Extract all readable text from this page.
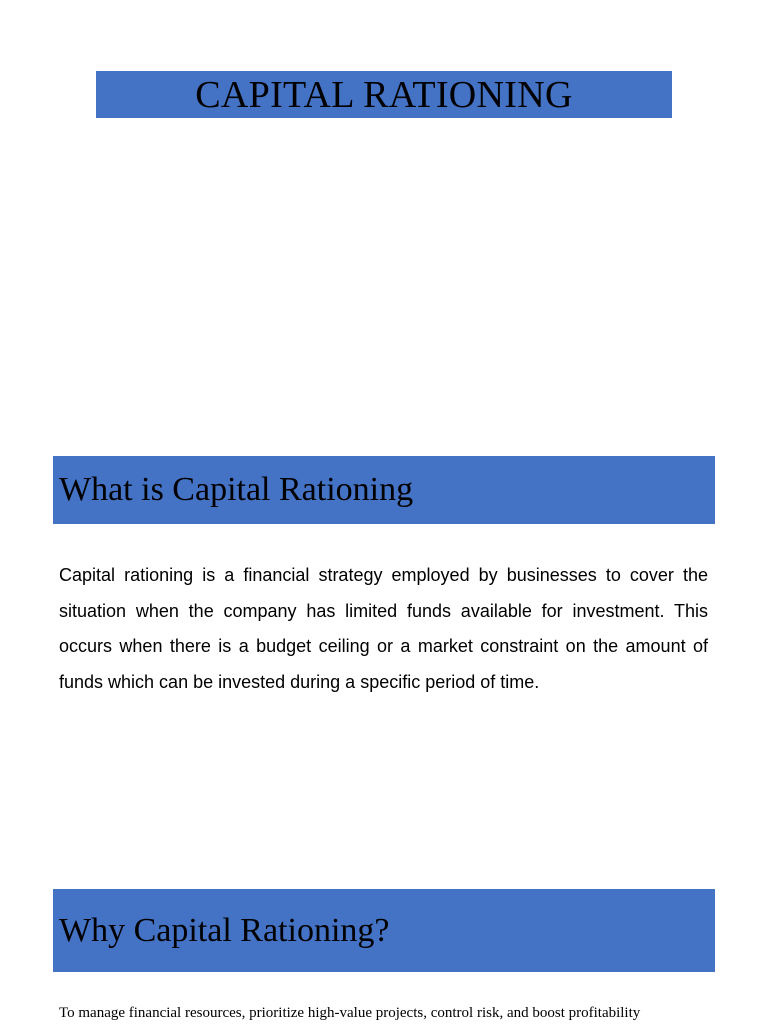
CAPITAL RATIONING
What is Capital Rationing

Capital rationing is a financial strategy employed by businesses to cover the situation when the company has limited funds available for investment. This occurs when there is a budget ceiling or a market constraint on the amount of funds which can be invested during a specific period of time.

Why Capital Rationing?

To manage financial resources, prioritize high-value projects, control risk, and boost profitability
